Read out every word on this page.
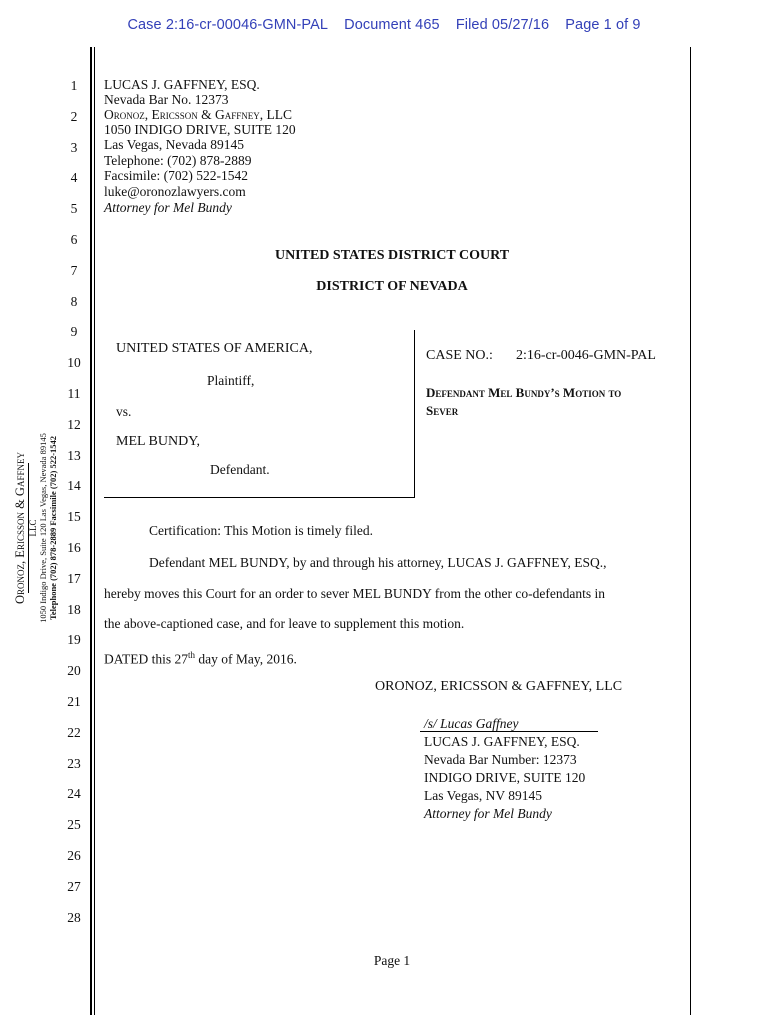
Case 2:16-cr-00046-GMN-PAL Document 465 Filed 05/27/16 Page 1 of 9
Oronoz, Ericsson & Gaffney LLC 1050 Indigo Drive, Suite 120 Las Vegas, Nevada 89145 Telephone (702) 878-2889 Facsimile (702) 522-1542
1
2
3
4
5
6
7
8
9
10
11
12
13
14
15
16
17
18
19
20
21
22
23
24
25
26
27
28
LUCAS J. GAFFNEY, ESQ.
Nevada Bar No. 12373
Oronoz, Ericsson & Gaffney, LLC
1050 INDIGO DRIVE, SUITE 120
Las Vegas, Nevada 89145
Telephone: (702) 878-2889
Facsimile: (702) 522-1542
luke@oronozlawyers.com
Attorney for Mel Bundy
UNITED STATES DISTRICT COURT
DISTRICT OF NEVADA
UNITED STATES OF AMERICA,
Plaintiff,
vs.
MEL BUNDY,
Defendant.
CASE NO.: 2:16-cr-0046-GMN-PAL
Defendant Mel Bundy’s Motion to
Sever
Certification: This Motion is timely filed.
Defendant MEL BUNDY, by and through his attorney, LUCAS J. GAFFNEY, ESQ.,
hereby moves this Court for an order to sever MEL BUNDY from the other co-defendants in
the above-captioned case, and for leave to supplement this motion.
DATED this 27th day of May, 2016.
ORONOZ, ERICSSON & GAFFNEY, LLC
/s/ Lucas Gaffney
LUCAS J. GAFFNEY, ESQ.
Nevada Bar Number: 12373
INDIGO DRIVE, SUITE 120
Las Vegas, NV 89145
Attorney for Mel Bundy
Page 1
